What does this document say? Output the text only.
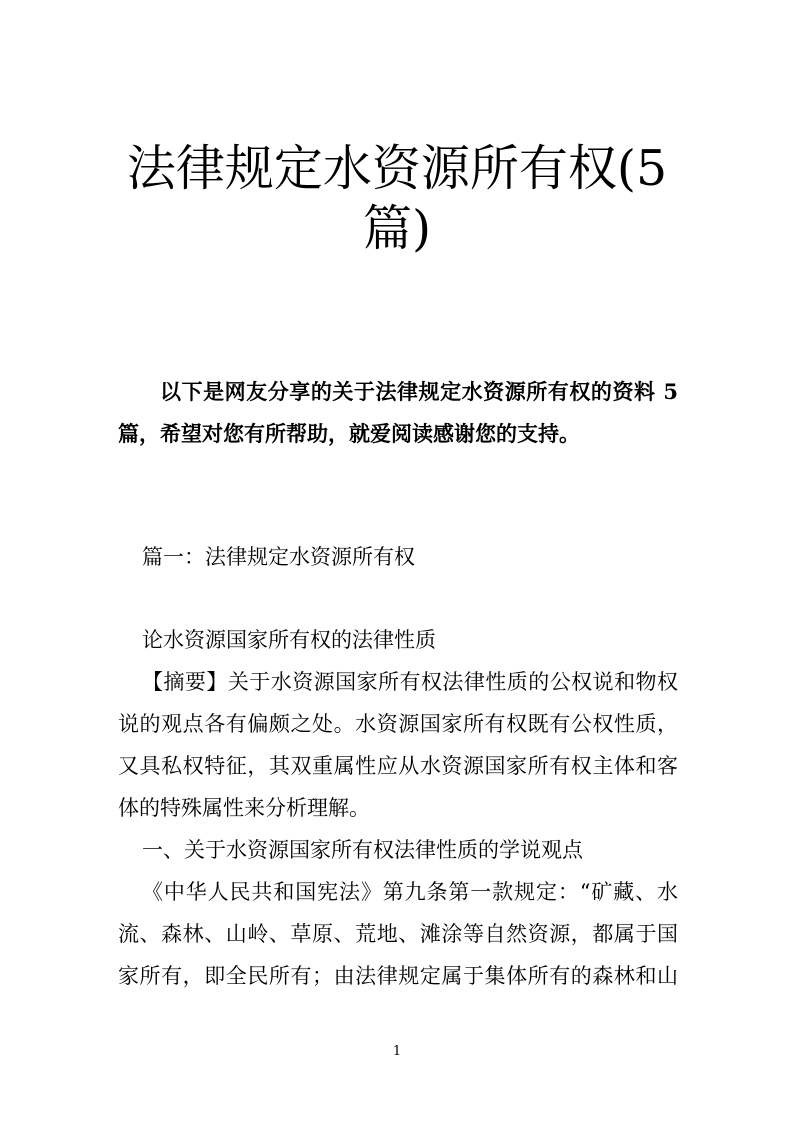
法律规定水资源所有权(5
篇)

以下是网友分享的关于法律规定水资源所有权的资料 5

篇，希望对您有所帮助，就爱阅读感谢您的支持。

篇一：法律规定水资源所有权

论水资源国家所有权的法律性质

【摘要】关于水资源国家所有权法律性质的公权说和物权

说的观点各有偏颇之处。水资源国家所有权既有公权性质，

又具私权特征，其双重属性应从水资源国家所有权主体和客

体的特殊属性来分析理解。

一、关于水资源国家所有权法律性质的学说观点

《中华人民共和国宪法》第九条第一款规定：“矿藏、水

流、森林、山岭、草原、荒地、滩涂等自然资源，都属于国

家所有，即全民所有；由法律规定属于集体所有的森林和山

1
